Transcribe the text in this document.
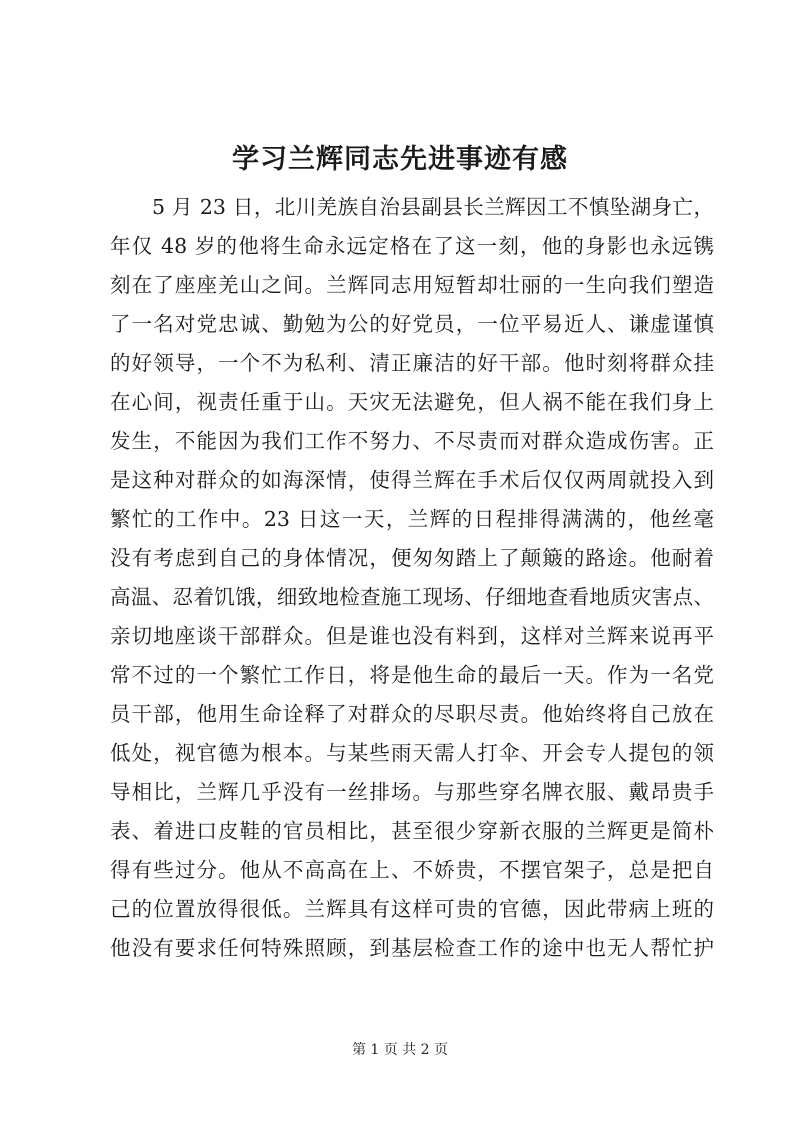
学习兰辉同志先进事迹有感
5 月 23 日，北川羌族自治县副县长兰辉因工不慎坠湖身亡，
年仅 48 岁的他将生命永远定格在了这一刻，他的身影也永远镌
刻在了座座羌山之间。兰辉同志用短暂却壮丽的一生向我们塑造
了一名对党忠诚、勤勉为公的好党员，一位平易近人、谦虚谨慎
的好领导，一个不为私利、清正廉洁的好干部。他时刻将群众挂
在心间，视责任重于山。天灾无法避免，但人祸不能在我们身上
发生，不能因为我们工作不努力、不尽责而对群众造成伤害。正
是这种对群众的如海深情，使得兰辉在手术后仅仅两周就投入到
繁忙的工作中。23 日这一天，兰辉的日程排得满满的，他丝毫
没有考虑到自己的身体情况，便匆匆踏上了颠簸的路途。他耐着
高温、忍着饥饿，细致地检查施工现场、仔细地查看地质灾害点、
亲切地座谈干部群众。但是谁也没有料到，这样对兰辉来说再平
常不过的一个繁忙工作日，将是他生命的最后一天。作为一名党
员干部，他用生命诠释了对群众的尽职尽责。他始终将自己放在
低处，视官德为根本。与某些雨天需人打伞、开会专人提包的领
导相比，兰辉几乎没有一丝排场。与那些穿名牌衣服、戴昂贵手
表、着进口皮鞋的官员相比，甚至很少穿新衣服的兰辉更是简朴
得有些过分。他从不高高在上、不娇贵，不摆官架子，总是把自
己的位置放得很低。兰辉具有这样可贵的官德，因此带病上班的
他没有要求任何特殊照顾，到基层检查工作的途中也无人帮忙护
第 1 页 共 2 页
